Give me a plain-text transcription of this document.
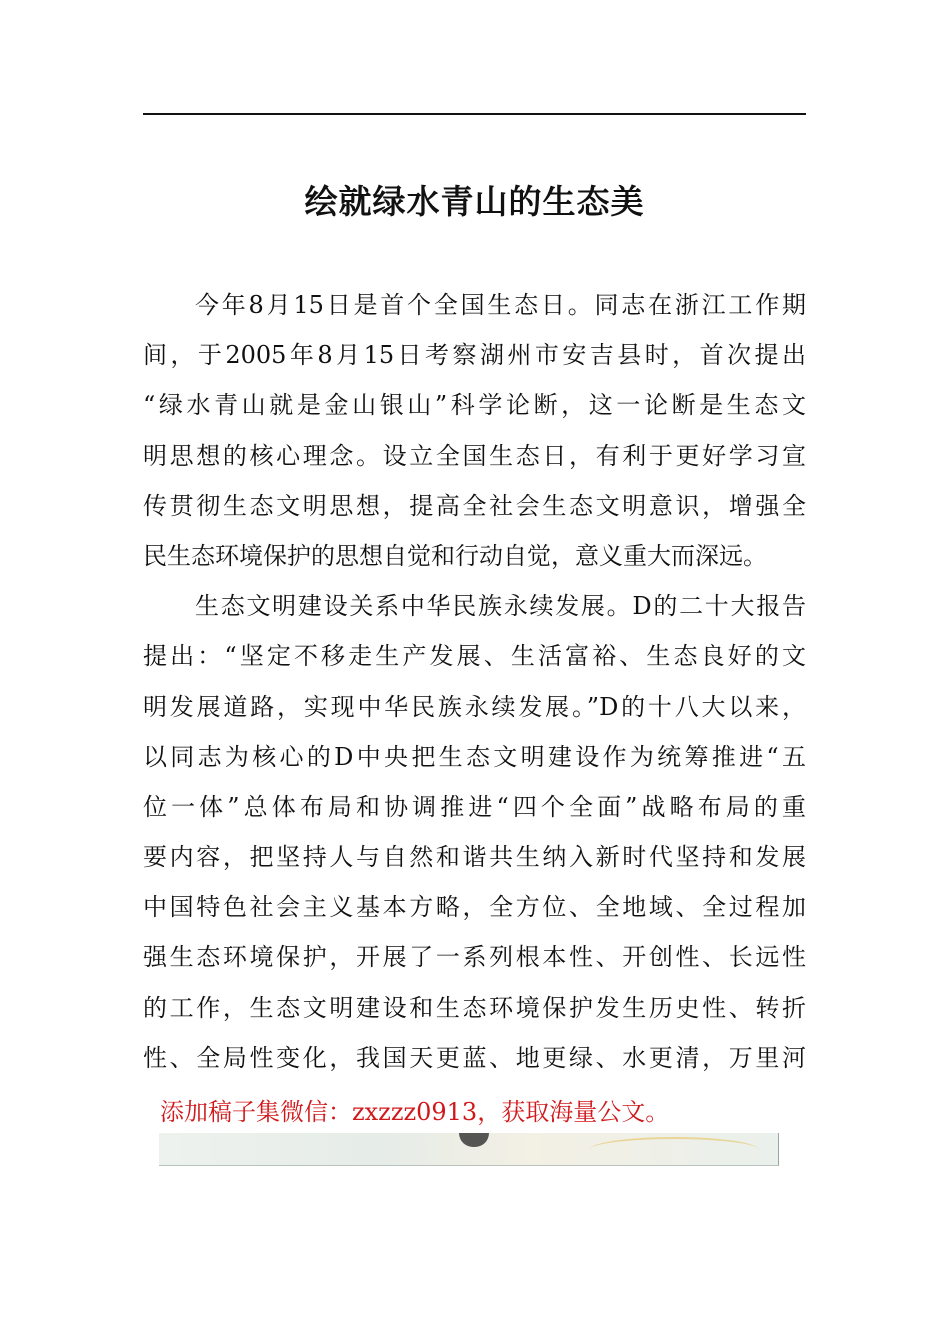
绘就绿水青山的生态美
今年8月15日是首个全国生态日。同志在浙江工作期
间，于2005年8月15日考察湖州市安吉县时，首次提出
“绿水青山就是金山银山”科学论断，这一论断是生态文
明思想的核心理念。设立全国生态日，有利于更好学习宣
传贯彻生态文明思想，提高全社会生态文明意识，增强全
民生态环境保护的思想自觉和行动自觉，意义重大而深远。
生态文明建设关系中华民族永续发展。D的二十大报告
提出：“坚定不移走生产发展、生活富裕、生态良好的文
明发展道路，实现中华民族永续发展。”D的十八大以来，
以同志为核心的D中央把生态文明建设作为统筹推进“五
位一体”总体布局和协调推进“四个全面”战略布局的重
要内容，把坚持人与自然和谐共生纳入新时代坚持和发展
中国特色社会主义基本方略，全方位、全地域、全过程加
强生态环境保护，开展了一系列根本性、开创性、长远性
的工作，生态文明建设和生态环境保护发生历史性、转折
性、全局性变化，我国天更蓝、地更绿、水更清，万里河
添加稿子集微信：zxzzz0913，获取海量公文。
